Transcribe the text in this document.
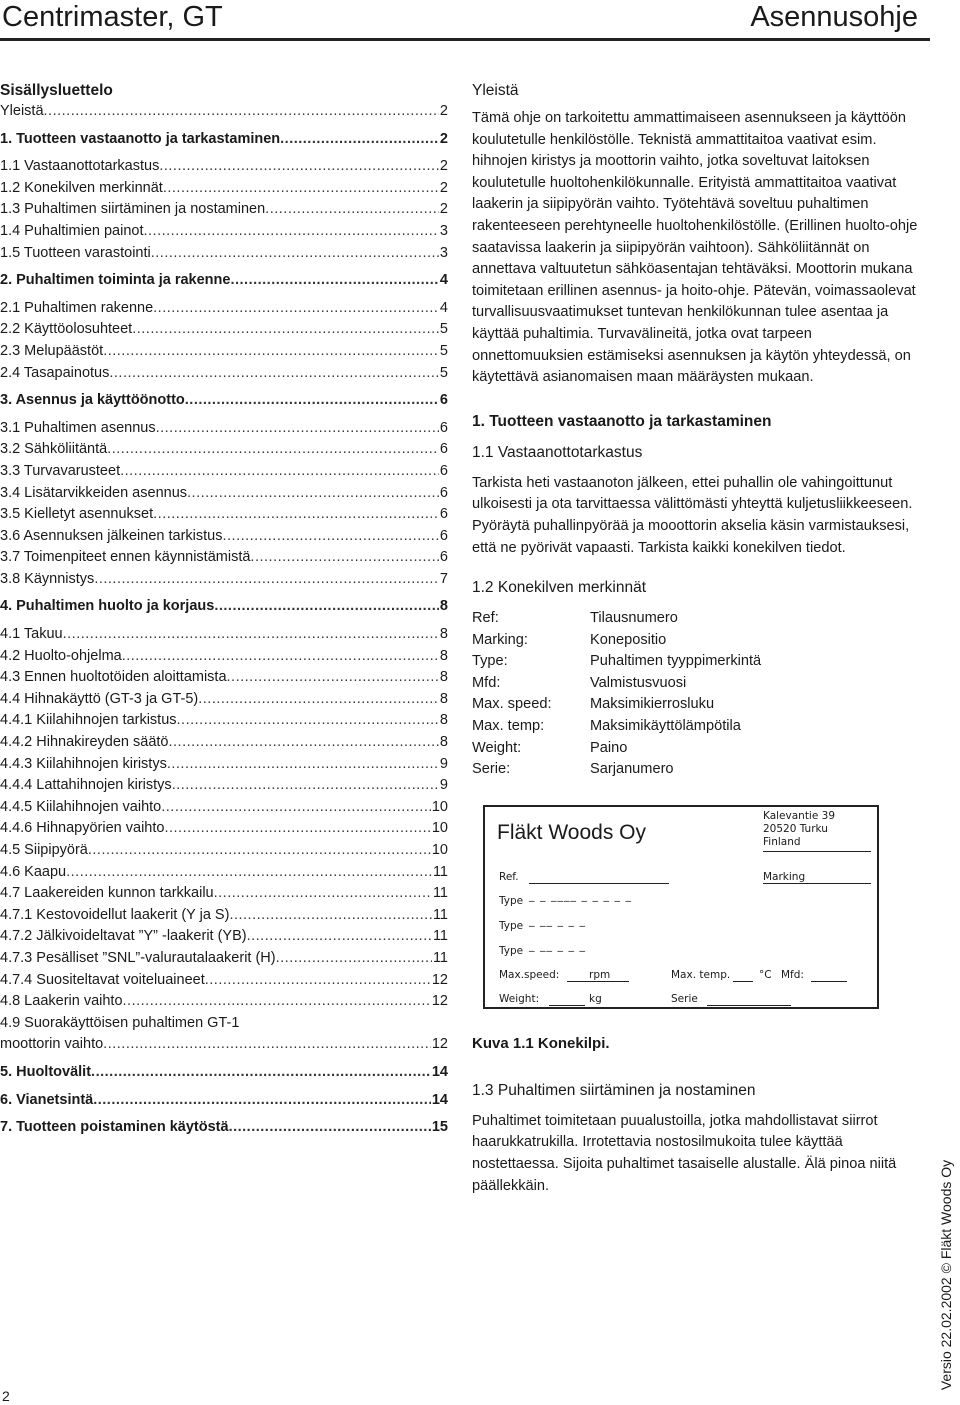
Centrimaster, GT	Asennusohje
Sisällysluettelo
Yleistä .....	2
1. Tuotteen vastaanotto ja tarkastaminen .....	2
1.1 Vastaanottotarkastus .....	2
1.2 Konekilven merkinnät .....	2
1.3 Puhaltimen siirtäminen ja nostaminen .....	2
1.4 Puhaltimien painot .....	3
1.5 Tuotteen varastointi .....	3
2. Puhaltimen toiminta ja rakenne .....	4
2.1 Puhaltimen rakenne .....	4
2.2 Käyttöolosuhteet .....	5
2.3 Melupäästöt .....	5
2.4 Tasapainotus .....	5
3. Asennus ja käyttöönotto .....	6
3.1 Puhaltimen asennus .....	6
3.2 Sähköliitäntä .....	6
3.3 Turvavarusteet .....	6
3.4 Lisätarvikkeiden asennus .....	6
3.5 Kielletyt asennukset .....	6
3.6 Asennuksen jälkeinen tarkistus .....	6
3.7 Toimenpiteet ennen käynnistämistä .....	6
3.8 Käynnistys .....	7
4. Puhaltimen huolto ja korjaus .....	8
4.1 Takuu .....	8
4.2 Huolto-ohjelma .....	8
4.3 Ennen huoltotöiden aloittamista .....	8
4.4 Hihnakäyttö (GT-3 ja GT-5) .....	8
4.4.1 Kiilahihnojen tarkistus .....	8
4.4.2 Hihnakireyden säätö .....	8
4.4.3 Kiilahihnojen kiristys .....	9
4.4.4 Lattahihnojen kiristys .....	9
4.4.5 Kiilahihnojen vaihto .....	10
4.4.6 Hihnapyörien vaihto .....	10
4.5 Siipipyörä .....	10
4.6 Kaapu .....	11
4.7 Laakereiden kunnon tarkkailu .....	11
4.7.1 Kestovoidellut laakerit (Y ja S) .....	11
4.7.2 Jälkivoideltavat ”Y” -laakerit (YB) .....	11
4.7.3 Pesälliset ”SNL”-valurautalaakerit (H) .....	11
4.7.4 Suositeltavat voiteluaineet .....	12
4.8 Laakerin vaihto .....	12
4.9 Suorakäyttöisen puhaltimen GT-1
moottorin vaihto .....	12
5. Huoltovälit .....	14
6. Vianetsintä .....	14
7. Tuotteen poistaminen käytöstä .....	15
Yleistä

Tämä ohje on tarkoitettu ammattimaiseen asennukseen ja käyttöön koulutetulle henkilöstölle. Teknistä ammattitaitoa vaativat esim. hihnojen kiristys ja moottorin vaihto, jotka soveltuvat laitoksen koulutetulle huoltohenkilökunnalle. Erityistä ammattitaitoa vaativat laakerin ja siipipyörän vaihto. Työtehtävä soveltuu puhaltimen rakenteeseen perehtyneelle huoltohenkilöstölle. (Erillinen huolto-ohje saatavissa laakerin ja siipipyörän vaihtoon). Sähköliitännät on annettava valtuutetun sähköasentajan tehtäväksi. Moottorin mukana toimitetaan erillinen asennus- ja hoito-ohje. Pätevän, voimassaolevat turvallisuusvaatimukset tuntevan henkilökunnan tulee asentaa ja käyttää puhaltimia. Turvavälineitä, jotka ovat tarpeen onnettomuuksien estämiseksi asennuksen ja käytön yhteydessä, on käytettävä asianomaisen maan määräysten mukaan.

1. Tuotteen vastaanotto ja tarkastaminen
1.1 Vastaanottotarkastus

Tarkista heti vastaanoton jälkeen, ettei puhallin ole vahingoittunut ulkoisesti ja ota tarvittaessa välittömästi yhteyttä kuljetusliikkeeseen. Pyöräytä puhallinpyörää ja mooottorin akselia käsin varmistauksesi, että ne pyörivät vapaasti. Tarkista kaikki konekilven tiedot.

1.2 Konekilven merkinnät
Ref:	Tilausnumero
Marking:	Konepositio
Type:	Puhaltimen tyyppimerkintä
Mfd:	Valmistusvuosi
Max. speed:	Maksimikierrosluku
Max. temp:	Maksimikäyttölämpötila
Weight:	Paino
Serie:	Sarjanumero
Fläkt Woods Oy
Kalevantie 39
20520 Turku
Finland
Ref.	Marking
Type _ _ ____ _ _ _ _ _
Type _ __ _ _ _
Type _ __ _ _ _
Max.speed:	rpm	Max. temp.	°C Mfd:
Weight:	kg	Serie
Kuva 1.1 Konekilpi.
1.3 Puhaltimen siirtäminen ja nostaminen

Puhaltimet toimitetaan puualustoilla, jotka mahdollistavat siirrot haarukkatrukilla. Irrotettavia nostosilmukoita tulee käyttää nostettaessa. Sijoita puhaltimet tasaiselle alustalle. Älä pinoa niitä päällekkäin.	Versio 22.02.2002 © Fläkt Woods Oy
2
